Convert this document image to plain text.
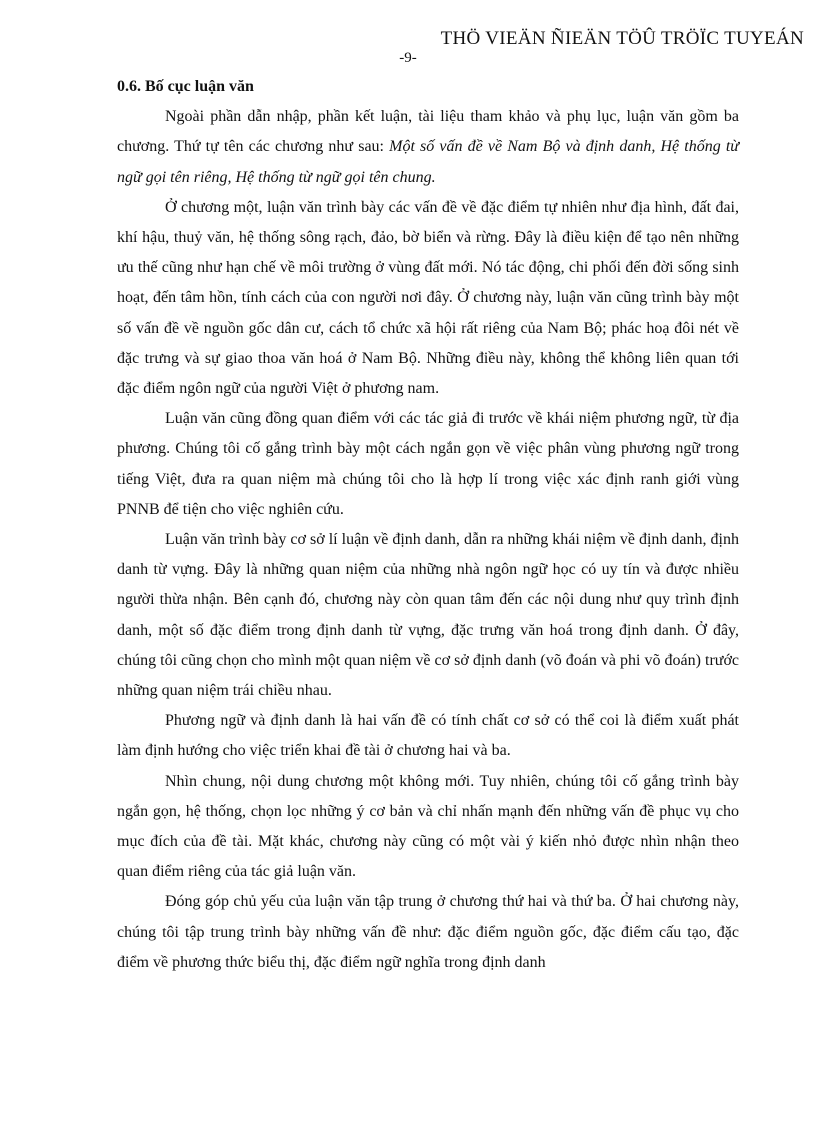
THÖ VIEÄN ÑIEÄN TÖÛ TRÖÏC TUYEÁN
-9-

0.6. Bố cục luận văn

Ngoài phần dẫn nhập, phần kết luận, tài liệu tham khảo và phụ lục, luận văn gồm ba chương. Thứ tự tên các chương như sau: Một số vấn đề về Nam Bộ và định danh, Hệ thống từ ngữ gọi tên riêng, Hệ thống từ ngữ gọi tên chung.

Ở chương một, luận văn trình bày các vấn đề về đặc điểm tự nhiên như địa hình, đất đai, khí hậu, thuỷ văn, hệ thống sông rạch, đảo, bờ biển và rừng. Đây là điều kiện để tạo nên những ưu thế cũng như hạn chế về môi trường ở vùng đất mới. Nó tác động, chi phối đến đời sống sinh hoạt, đến tâm hồn, tính cách của con người nơi đây. Ở chương này, luận văn cũng trình bày một số vấn đề về nguồn gốc dân cư, cách tổ chức xã hội rất riêng của Nam Bộ; phác hoạ đôi nét về đặc trưng và sự giao thoa văn hoá ở Nam Bộ. Những điều này, không thể không liên quan tới đặc điểm ngôn ngữ của người Việt ở phương nam.

Luận văn cũng đồng quan điểm với các tác giả đi trước về khái niệm phương ngữ, từ địa phương. Chúng tôi cố gắng trình bày một cách ngắn gọn về việc phân vùng phương ngữ trong tiếng Việt, đưa ra quan niệm mà chúng tôi cho là hợp lí trong việc xác định ranh giới vùng PNNB để tiện cho việc nghiên cứu.

Luận văn trình bày cơ sở lí luận về định danh, dẫn ra những khái niệm về định danh, định danh từ vựng. Đây là những quan niệm của những nhà ngôn ngữ học có uy tín và được nhiều người thừa nhận. Bên cạnh đó, chương này còn quan tâm đến các nội dung như quy trình định danh, một số đặc điểm trong định danh từ vựng, đặc trưng văn hoá trong định danh. Ở đây, chúng tôi cũng chọn cho mình một quan niệm về cơ sở định danh (võ đoán và phi võ đoán) trước những quan niệm trái chiều nhau.

Phương ngữ và định danh là hai vấn đề có tính chất cơ sở có thể coi là điểm xuất phát làm định hướng cho việc triển khai đề tài ở chương hai và ba.

Nhìn chung, nội dung chương một không mới. Tuy nhiên, chúng tôi cố gắng trình bày ngắn gọn, hệ thống, chọn lọc những ý cơ bản và chỉ nhấn mạnh đến những vấn đề phục vụ cho mục đích của đề tài. Mặt khác, chương này cũng có một vài ý kiến nhỏ được nhìn nhận theo quan điểm riêng của tác giả luận văn.

Đóng góp chủ yếu của luận văn tập trung ở chương thứ hai và thứ ba. Ở hai chương này, chúng tôi tập trung trình bày những vấn đề như: đặc điểm nguồn gốc, đặc điểm cấu tạo, đặc điểm về phương thức biểu thị, đặc điểm ngữ nghĩa trong định danh
